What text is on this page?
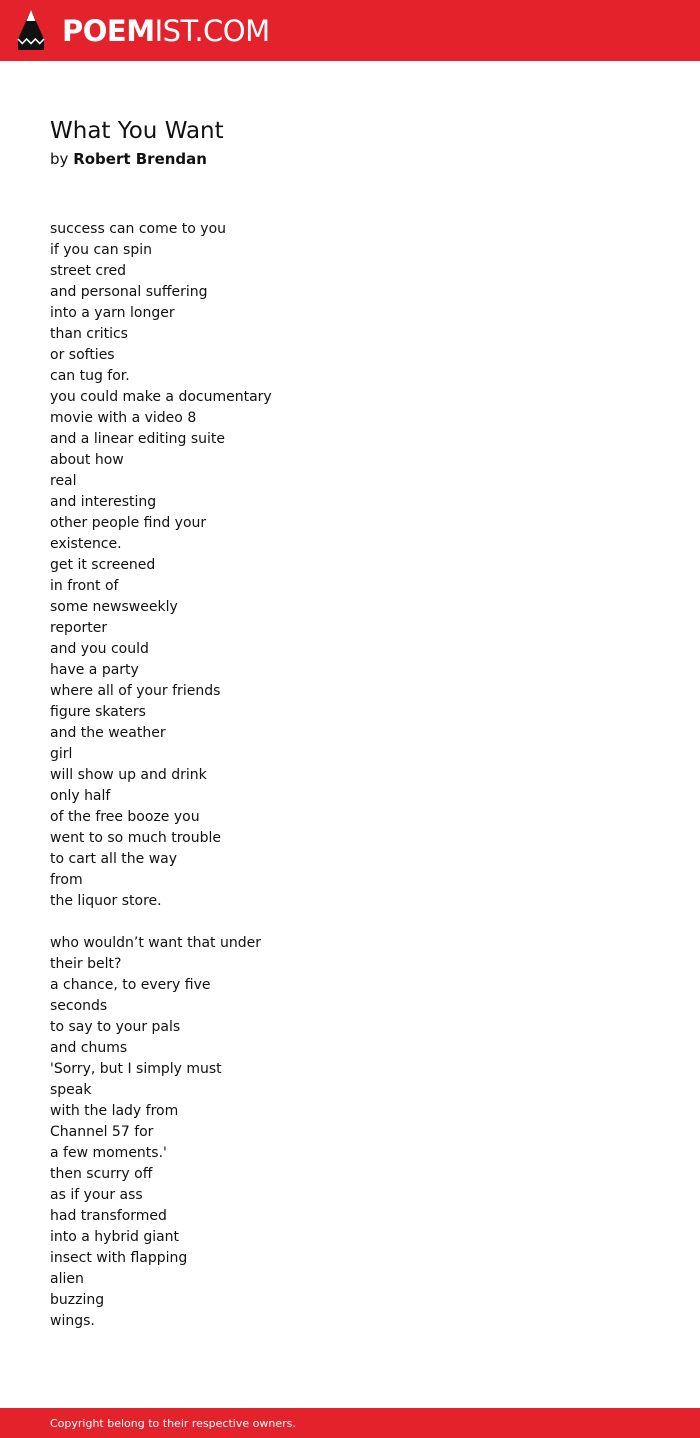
POEMIST.COM
What You Want
by Robert Brendan
success can come to you
if you can spin
street cred
and personal suffering
into a yarn longer
than critics
or softies
can tug for.
you could make a documentary
movie with a video 8
and a linear editing suite
about how
real
and interesting
other people find your
existence.
get it screened
in front of
some newsweekly
reporter
and you could
have a party
where all of your friends
figure skaters
and the weather
girl
will show up and drink
only half
of the free booze you
went to so much trouble
to cart all the way
from
the liquor store.
who wouldn’t want that under
their belt?
a chance, to every five
seconds
to say to your pals
and chums
'Sorry, but I simply must
speak
with the lady from
Channel 57 for
a few moments.'
then scurry off
as if your ass
had transformed
into a hybrid giant
insect with flapping
alien
buzzing
wings.
Copyright belong to their respective owners.
